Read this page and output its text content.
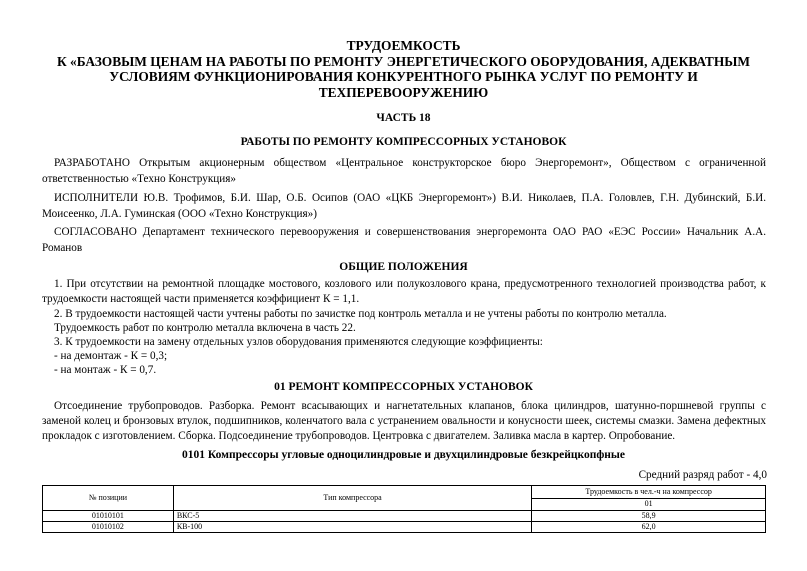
ТРУДОЕМКОСТЬ
К «БАЗОВЫМ ЦЕНАМ НА РАБОТЫ ПО РЕМОНТУ ЭНЕРГЕТИЧЕСКОГО ОБОРУДОВАНИЯ, АДЕКВАТНЫМ
УСЛОВИЯМ ФУНКЦИОНИРОВАНИЯ КОНКУРЕНТНОГО РЫНКА УСЛУГ ПО РЕМОНТУ И
ТЕХПЕРЕВООРУЖЕНИЮ
ЧАСТЬ 18
РАБОТЫ ПО РЕМОНТУ КОМПРЕССОРНЫХ УСТАНОВОК
РАЗРАБОТАНО Открытым акционерным обществом «Центральное конструкторское бюро Энергоремонт», Обществом с ограниченной ответственностью «Техно Конструкция»
ИСПОЛНИТЕЛИ Ю.В. Трофимов, Б.И. Шар, О.Б. Осипов (ОАО «ЦКБ Энергоремонт») В.И. Николаев, П.А. Головлев, Г.Н. Дубинский, Б.И. Моисеенко, Л.А. Гуминская (ООО «Техно Конструкция»)
СОГЛАСОВАНО Департамент технического перевооружения и совершенствования энергоремонта ОАО РАО «ЕЭС России» Начальник А.А. Романов
ОБЩИЕ ПОЛОЖЕНИЯ
1. При отсутствии на ремонтной площадке мостового, козлового или полукозлового крана, предусмотренного технологией производства работ, к трудоемкости настоящей части применяется коэффициент К = 1,1.
2. В трудоемкости настоящей части учтены работы по зачистке под контроль металла и не учтены работы по контролю металла.
Трудоемкость работ по контролю металла включена в часть 22.
3. К трудоемкости на замену отдельных узлов оборудования применяются следующие коэффициенты:
- на демонтаж - К = 0,3;
- на монтаж - К = 0,7.
01 РЕМОНТ КОМПРЕССОРНЫХ УСТАНОВОК
Отсоединение трубопроводов. Разборка. Ремонт всасывающих и нагнетательных клапанов, блока цилиндров, шатунно-поршневой группы с заменой колец и бронзовых втулок, подшипников, коленчатого вала с устранением овальности и конусности шеек, системы смазки. Замена дефектных прокладок с изготовлением. Сборка. Подсоединение трубопроводов. Центровка с двигателем. Заливка масла в картер. Опробование.
0101 Компрессоры угловые одноцилиндровые и двухцилиндровые безкрейцкопфные
Средний разряд работ - 4,0
№ позиции	Тип компрессора	Трудоемкость в чел.-ч на компрессор
		01
01010101	ВКС-5	58,9
01010102	КВ-100	62,0
